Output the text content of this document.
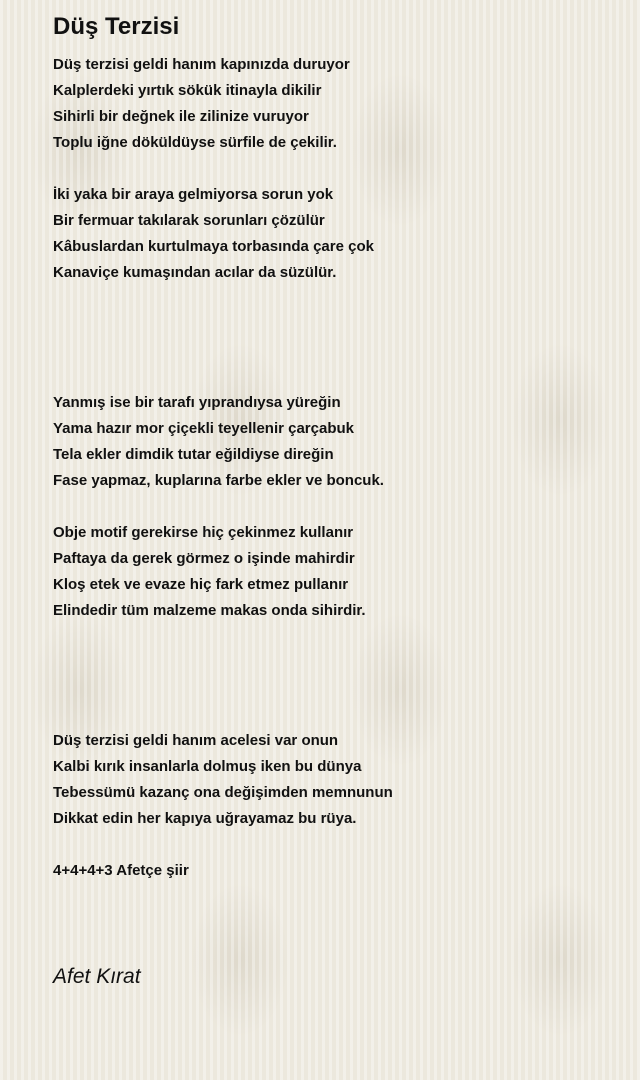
Düş Terzisi
Düş terzisi geldi hanım kapınızda duruyor
Kalplerdeki yırtık sökük itinayla dikilir
Sihirli bir değnek ile zilinize vuruyor
Toplu iğne döküldüyse sürfile de çekilir.
İki yaka bir araya gelmiyorsa sorun yok
Bir fermuar takılarak sorunları çözülür
Kâbuslardan kurtulmaya torbasında çare çok
Kanaviçe kumaşından acılar da süzülür.
Yanmış ise bir tarafı yıprandıysa yüreğin
Yama hazır mor çiçekli teyellenir çarçabuk
Tela ekler dimdik tutar eğildiyse direğin
Fase yapmaz, kuplarına farbe ekler ve boncuk.
Obje motif gerekirse hiç çekinmez kullanır
Paftaya da gerek görmez o işinde mahirdir
Kloş etek ve evaze hiç fark etmez pullanır
Elindedir tüm malzeme makas onda sihirdir.
Düş terzisi geldi hanım acelesi var onun
Kalbi kırık insanlarla dolmuş iken bu dünya
Tebessümü kazanç ona değişimden memnunun
Dikkat edin her kapıya uğrayamaz bu rüya.
4+4+4+3 Afetçe şiir
Afet Kırat
